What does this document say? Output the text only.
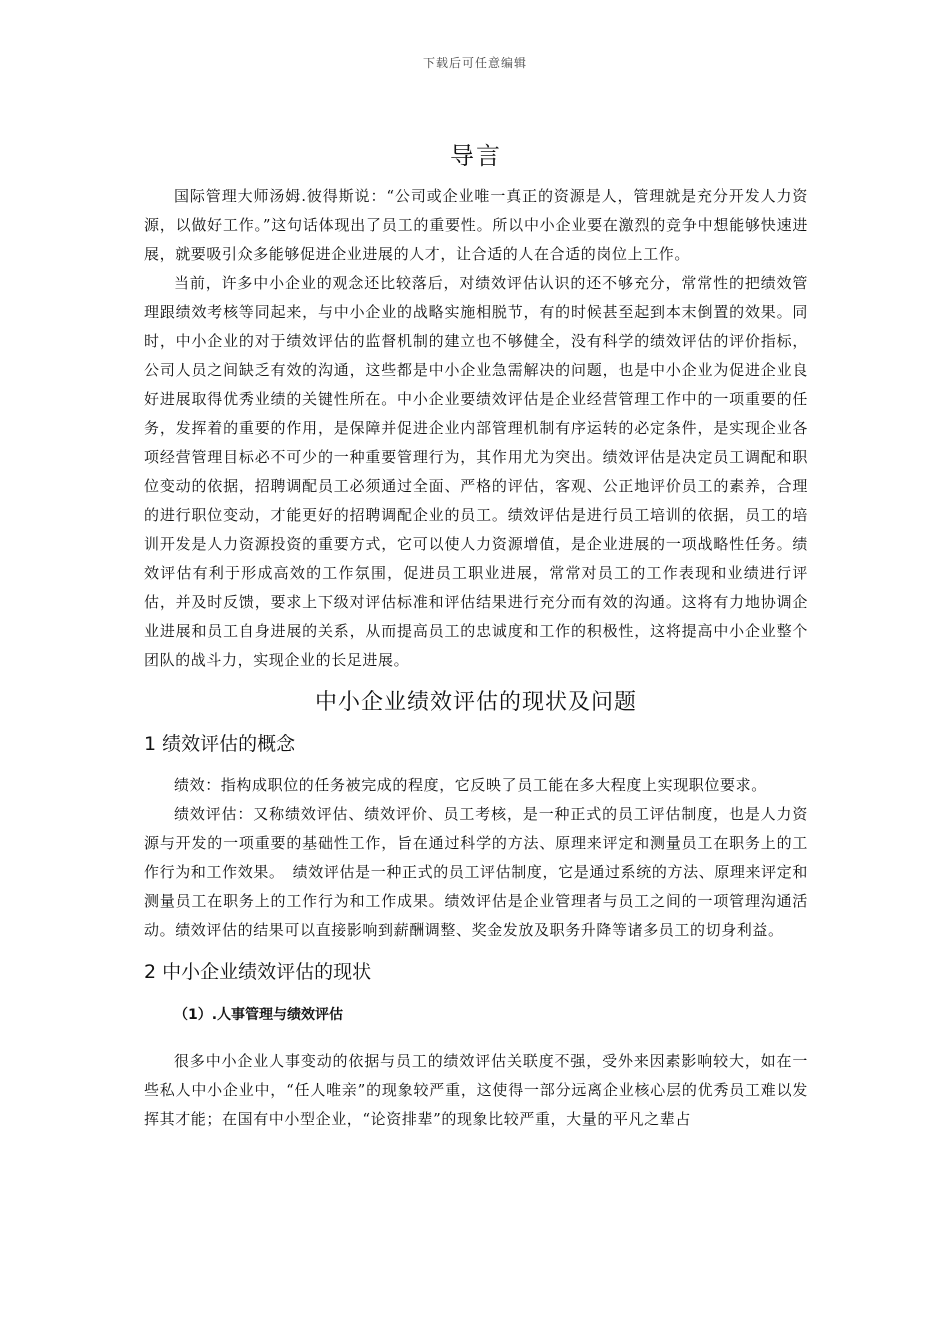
下载后可任意编辑
导言

国际管理大师汤姆.彼得斯说：“公司或企业唯一真正的资源是人，管理就是充分开发人力资源，以做好工作。”这句话体现出了员工的重要性。所以中小企业要在激烈的竞争中想能够快速进展，就要吸引众多能够促进企业进展的人才，让合适的人在合适的岗位上工作。

当前，许多中小企业的观念还比较落后，对绩效评估认识的还不够充分，常常性的把绩效管理跟绩效考核等同起来，与中小企业的战略实施相脱节，有的时候甚至起到本末倒置的效果。同时，中小企业的对于绩效评估的监督机制的建立也不够健全，没有科学的绩效评估的评价指标，公司人员之间缺乏有效的沟通，这些都是中小企业急需解决的问题，也是中小企业为促进企业良好进展取得优秀业绩的关键性所在。中小企业要绩效评估是企业经营管理工作中的一项重要的任务，发挥着的重要的作用，是保障并促进企业内部管理机制有序运转的必定条件，是实现企业各项经营管理目标必不可少的一种重要管理行为，其作用尤为突出。绩效评估是决定员工调配和职位变动的依据，招聘调配员工必须通过全面、严格的评估，客观、公正地评价员工的素养，合理的进行职位变动，才能更好的招聘调配企业的员工。绩效评估是进行员工培训的依据，员工的培训开发是人力资源投资的重要方式，它可以使人力资源增值，是企业进展的一项战略性任务。绩效评估有利于形成高效的工作氛围，促进员工职业进展，常常对员工的工作表现和业绩进行评估，并及时反馈，要求上下级对评估标准和评估结果进行充分而有效的沟通。这将有力地协调企业进展和员工自身进展的关系，从而提高员工的忠诚度和工作的积极性，这将提高中小企业整个团队的战斗力，实现企业的长足进展。

中小企业绩效评估的现状及问题
1 绩效评估的概念

绩效：指构成职位的任务被完成的程度，它反映了员工能在多大程度上实现职位要求。

绩效评估：又称绩效评估、绩效评价、员工考核，是一种正式的员工评估制度，也是人力资源与开发的一项重要的基础性工作，旨在通过科学的方法、原理来评定和测量员工在职务上的工作行为和工作效果。　绩效评估是一种正式的员工评估制度，它是通过系统的方法、原理来评定和测量员工在职务上的工作行为和工作成果。绩效评估是企业管理者与员工之间的一项管理沟通活动。绩效评估的结果可以直接影响到薪酬调整、奖金发放及职务升降等诸多员工的切身利益。

2 中小企业绩效评估的现状
（1）.人事管理与绩效评估

很多中小企业人事变动的依据与员工的绩效评估关联度不强，受外来因素影响较大，如在一些私人中小企业中，“任人唯亲”的现象较严重，这使得一部分远离企业核心层的优秀员工难以发挥其才能；在国有中小型企业，“论资排辈”的现象比较严重，大量的平凡之辈占
